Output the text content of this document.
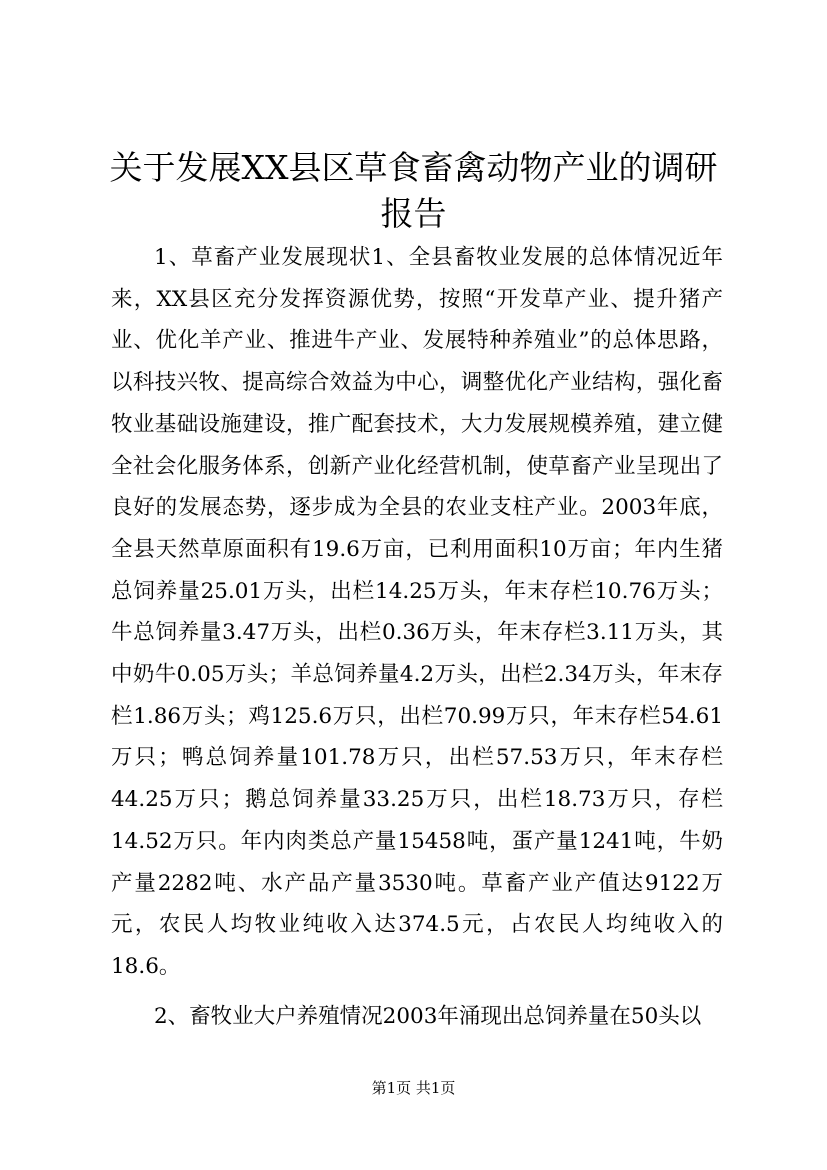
关于发展XX县区草食畜禽动物产业的调研报告

1、草畜产业发展现状1、全县畜牧业发展的总体情况近年来，XX县区充分发挥资源优势，按照“开发草产业、提升猪产业、优化羊产业、推进牛产业、发展特种养殖业”的总体思路，以科技兴牧、提高综合效益为中心，调整优化产业结构，强化畜牧业基础设施建设，推广配套技术，大力发展规模养殖，建立健全社会化服务体系，创新产业化经营机制，使草畜产业呈现出了良好的发展态势，逐步成为全县的农业支柱产业。2003年底，全县天然草原面积有19.6万亩，已利用面积10万亩；年内生猪总饲养量25.01万头，出栏14.25万头，年末存栏10.76万头；牛总饲养量3.47万头，出栏0.36万头，年末存栏3.11万头，其中奶牛0.05万头；羊总饲养量4.2万头，出栏2.34万头，年末存栏1.86万头；鸡125.6万只，出栏70.99万只，年末存栏54.61万只；鸭总饲养量101.78万只，出栏57.53万只，年末存栏44.25万只；鹅总饲养量33.25万只，出栏18.73万只，存栏14.52万只。年内肉类总产量15458吨，蛋产量1241吨，牛奶产量2282吨、水产品产量3530吨。草畜产业产值达9122万元，农民人均牧业纯收入达374.5元，占农民人均纯收入的18.6。

2、畜牧业大户养殖情况2003年涌现出总饲养量在50头以

第1页 共1页
